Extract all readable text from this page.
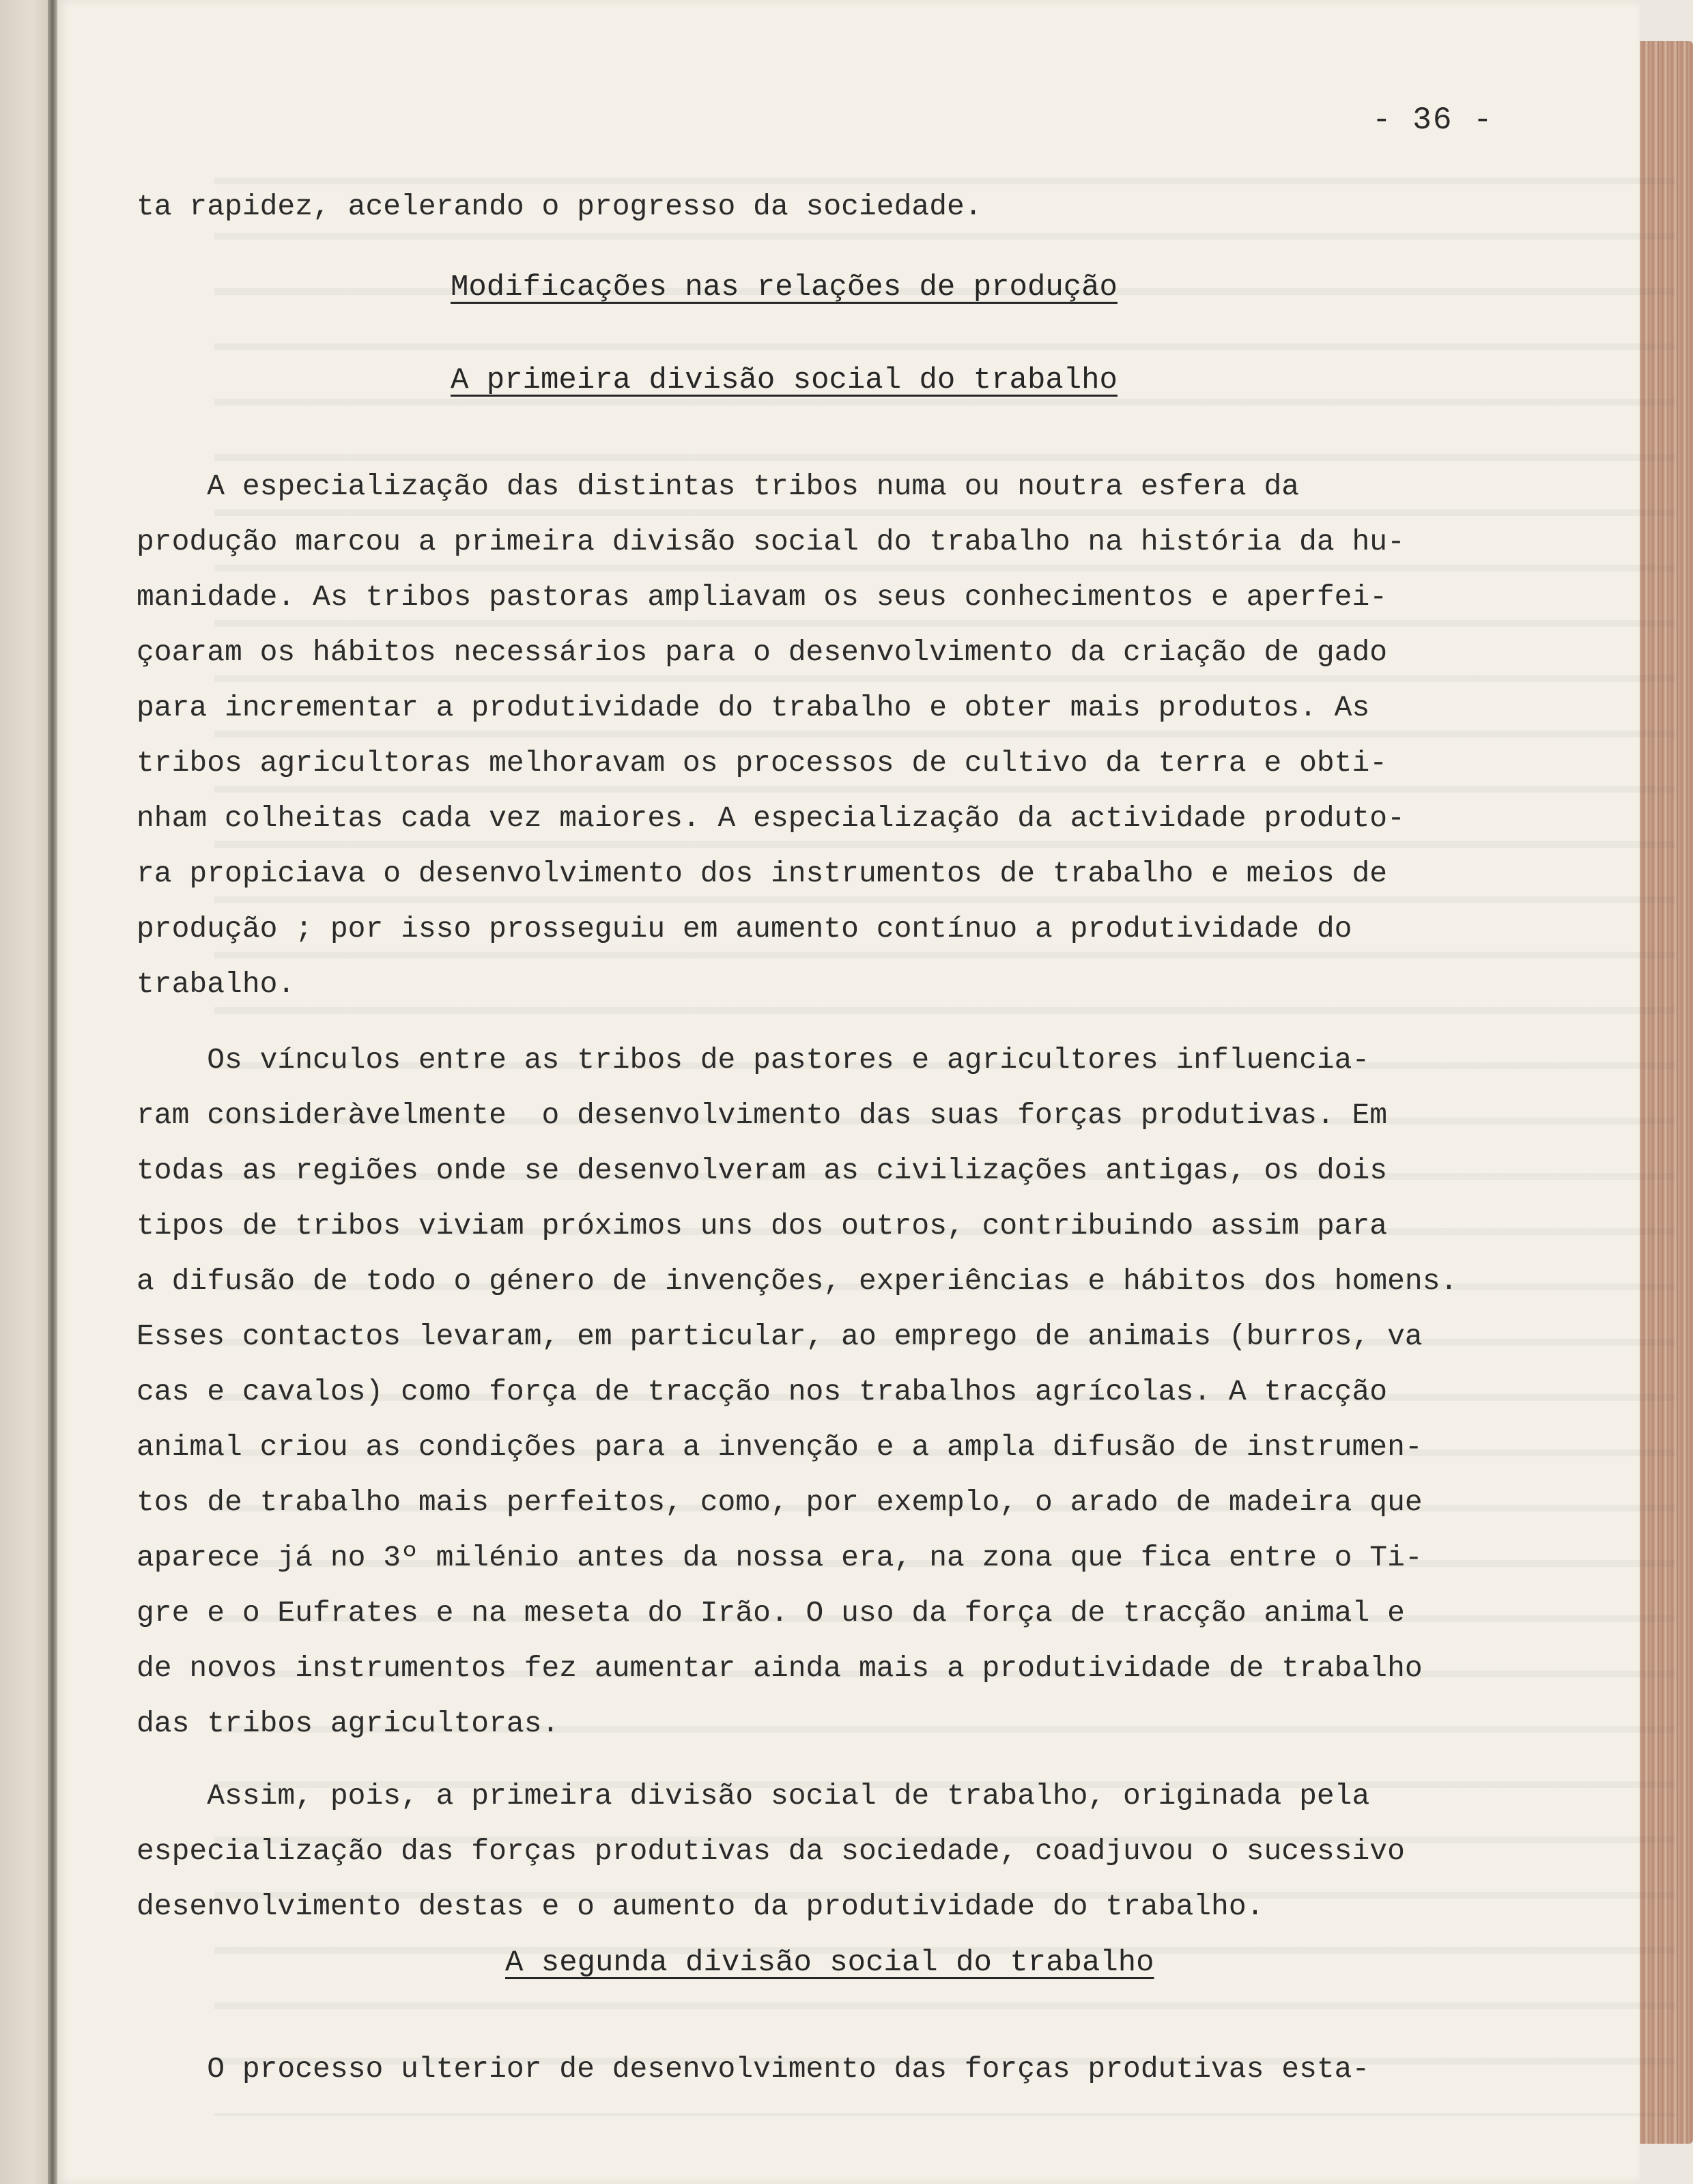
- 36 -
ta rapidez, acelerando o progresso da sociedade.
Modificações nas relações de produção
A primeira divisão social do trabalho
A especialização das distintas tribos numa ou noutra esfera da
produção marcou a primeira divisão social do trabalho na história da hu-
manidade. As tribos pastoras ampliavam os seus conhecimentos e aperfei-
çoaram os hábitos necessários para o desenvolvimento da criação de gado
para incrementar a produtividade do trabalho e obter mais produtos. As
tribos agricultoras melhoravam os processos de cultivo da terra e obti-
nham colheitas cada vez maiores. A especialização da actividade produto-
ra propiciava o desenvolvimento dos instrumentos de trabalho e meios de
produção ; por isso prosseguiu em aumento contínuo a produtividade do
trabalho.
Os vínculos entre as tribos de pastores e agricultores influencia-
ram consideràvelmente  o desenvolvimento das suas forças produtivas. Em
todas as regiões onde se desenvolveram as civilizações antigas, os dois
tipos de tribos viviam próximos uns dos outros, contribuindo assim para
a difusão de todo o género de invenções, experiências e hábitos dos homens.
Esses contactos levaram, em particular, ao emprego de animais (burros, va
cas e cavalos) como força de tracção nos trabalhos agrícolas. A tracção
animal criou as condições para a invenção e a ampla difusão de instrumen-
tos de trabalho mais perfeitos, como, por exemplo, o arado de madeira que
aparece já no 3º milénio antes da nossa era, na zona que fica entre o Ti-
gre e o Eufrates e na meseta do Irão. O uso da força de tracção animal e
de novos instrumentos fez aumentar ainda mais a produtividade de trabalho
das tribos agricultoras.
Assim, pois, a primeira divisão social de trabalho, originada pela
especialização das forças produtivas da sociedade, coadjuvou o sucessivo
desenvolvimento destas e o aumento da produtividade do trabalho.
A segunda divisão social do trabalho
O processo ulterior de desenvolvimento das forças produtivas esta-
